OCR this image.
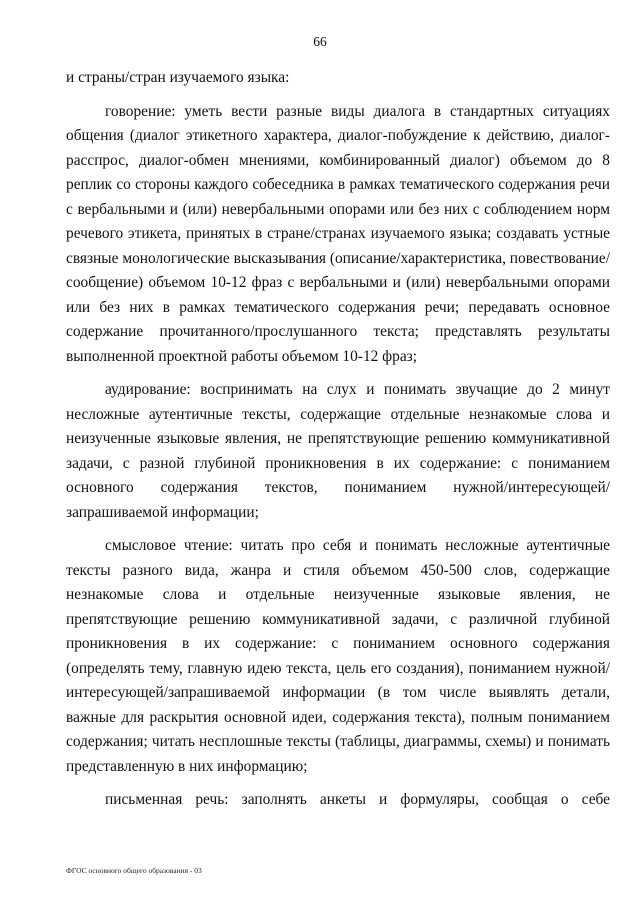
66

и страны/стран изучаемого языка:

говорение: уметь вести разные виды диалога в стандартных ситуациях общения (диалог этикетного характера, диалог-побуждение к действию, диалог-расспрос, диалог-обмен мнениями, комбинированный диалог) объемом до 8 реплик со стороны каждого собеседника в рамках тематического содержания речи с вербальными и (или) невербальными опорами или без них с соблюдением норм речевого этикета, принятых в стране/странах изучаемого языка; создавать устные связные монологические высказывания (описание/характеристика, повествование/сообщение) объемом 10-12 фраз с вербальными и (или) невербальными опорами или без них в рамках тематического содержания речи; передавать основное содержание прочитанного/прослушанного текста; представлять результаты выполненной проектной работы объемом 10-12 фраз;

аудирование: воспринимать на слух и понимать звучащие до 2 минут несложные аутентичные тексты, содержащие отдельные незнакомые слова и неизученные языковые явления, не препятствующие решению коммуникативной задачи, с разной глубиной проникновения в их содержание: с пониманием основного содержания текстов, пониманием нужной/интересующей/запрашиваемой информации;

смысловое чтение: читать про себя и понимать несложные аутентичные тексты разного вида, жанра и стиля объемом 450-500 слов, содержащие незнакомые слова и отдельные неизученные языковые явления, не препятствующие решению коммуникативной задачи, с различной глубиной проникновения в их содержание: с пониманием основного содержания (определять тему, главную идею текста, цель его создания), пониманием нужной/интересующей/запрашиваемой информации (в том числе выявлять детали, важные для раскрытия основной идеи, содержания текста), полным пониманием содержания; читать несплошные тексты (таблицы, диаграммы, схемы) и понимать представленную в них информацию;

письменная речь: заполнять анкеты и формуляры, сообщая о себе

ФГОС основного общего образования - 03
